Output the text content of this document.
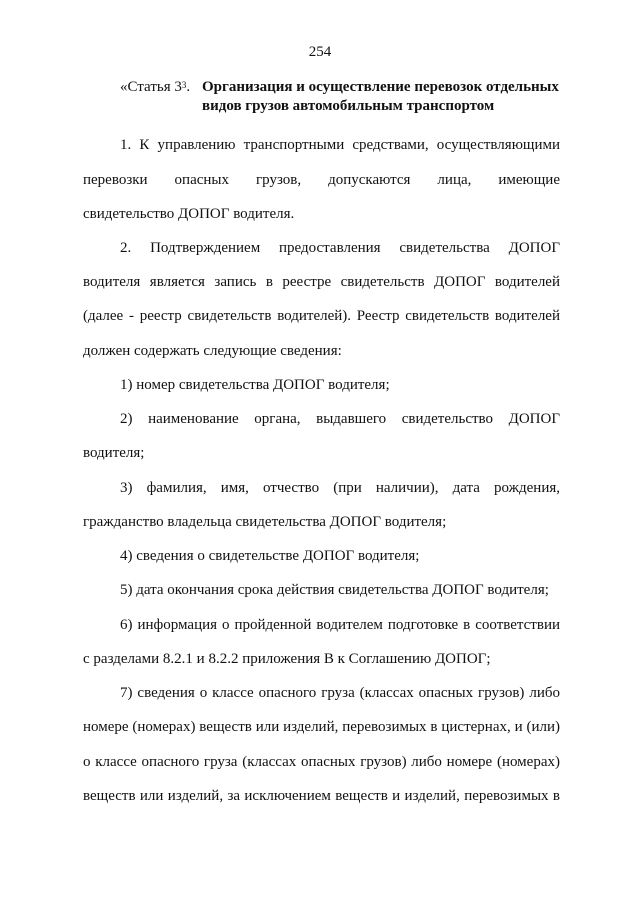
254
«Статья $3^3$. Организация и осуществление перевозок отдельных видов грузов автомобильным транспортом
1. К управлению транспортными средствами, осуществляющими
перевозки опасных грузов, допускаются лица, имеющие
свидетельство ДОПОГ водителя.
2. Подтверждением предоставления свидетельства ДОПОГ
водителя является запись в реестре свидетельств ДОПОГ водителей
(далее - реестр свидетельств водителей). Реестр свидетельств водителей
должен содержать следующие сведения:
1) номер свидетельства ДОПОГ водителя;
2) наименование органа, выдавшего свидетельство ДОПОГ
водителя;
3) фамилия, имя, отчество (при наличии), дата рождения,
гражданство владельца свидетельства ДОПОГ водителя;
4) сведения о свидетельстве ДОПОГ водителя;
5) дата окончания срока действия свидетельства ДОПОГ водителя;
6) информация о пройденной водителем подготовке в соответствии
с разделами 8.2.1 и 8.2.2 приложения В к Соглашению ДОПОГ;
7) сведения о классе опасного груза (классах опасных грузов) либо
номере (номерах) веществ или изделий, перевозимых в цистернах, и (или)
о классе опасного груза (классах опасных грузов) либо номере (номерах)
веществ или изделий, за исключением веществ и изделий, перевозимых в
